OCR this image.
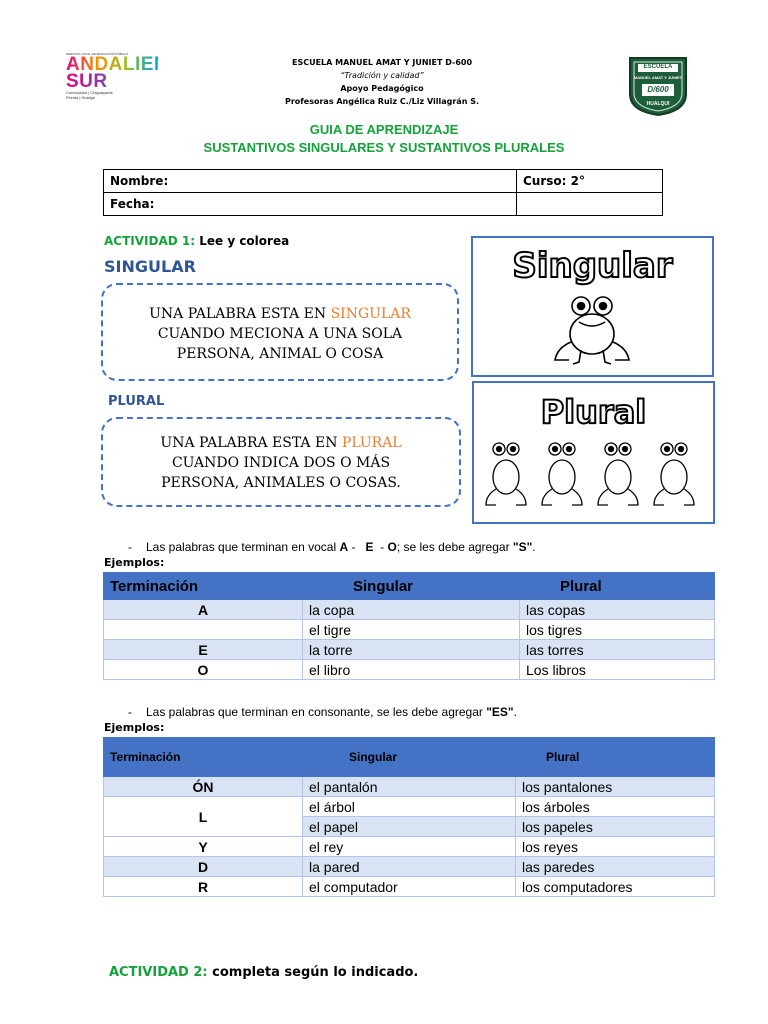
SERVICIO LOCAL DE EDUCACIÓN PÚBLICA
ANDALIÉN
SUR
Concepción | Chiguayante
Florida | Hualqui
ESCUELA MANUEL AMAT Y JUNIET D-600
“Tradición y calidad”
Apoyo Pedagógico
Profesoras Angélica Ruiz C./Liz Villagrán S.
ESCUELA
MANUEL AMAT Y JUNIET
D/600
HUALQUI
GUIA DE APRENDIZAJE
SUSTANTIVOS SINGULARES Y SUSTANTIVOS PLURALES
Nombre:	Curso: 2°
Fecha:	
ACTIVIDAD 1: Lee y colorea
SINGULAR
UNA PALABRA ESTA EN SINGULAR
CUANDO MECIONA A UNA SOLA
PERSONA, ANIMAL O COSA
Singular
PLURAL
UNA PALABRA ESTA EN PLURAL
CUANDO INDICA DOS O MÁS
PERSONA, ANIMALES O COSAS.
Plural
- Las palabras que terminan en vocal A -   E  - O; se les debe agregar "S".
Ejemplos:
Terminación	Singular	Plural
A	la copa	las copas
	el tigre	los tigres
E	la torre	las torres
O	el libro	Los libros
- Las palabras que terminan en consonante, se les debe agregar "ES".
Ejemplos:
Terminación	Singular	Plural
ÓN	el pantalón	los pantalones
L	el árbol	los árboles
	el papel	los papeles
Y	el rey	los reyes
D	la pared	las paredes
R	el computador	los computadores
ACTIVIDAD 2: completa según lo indicado.
